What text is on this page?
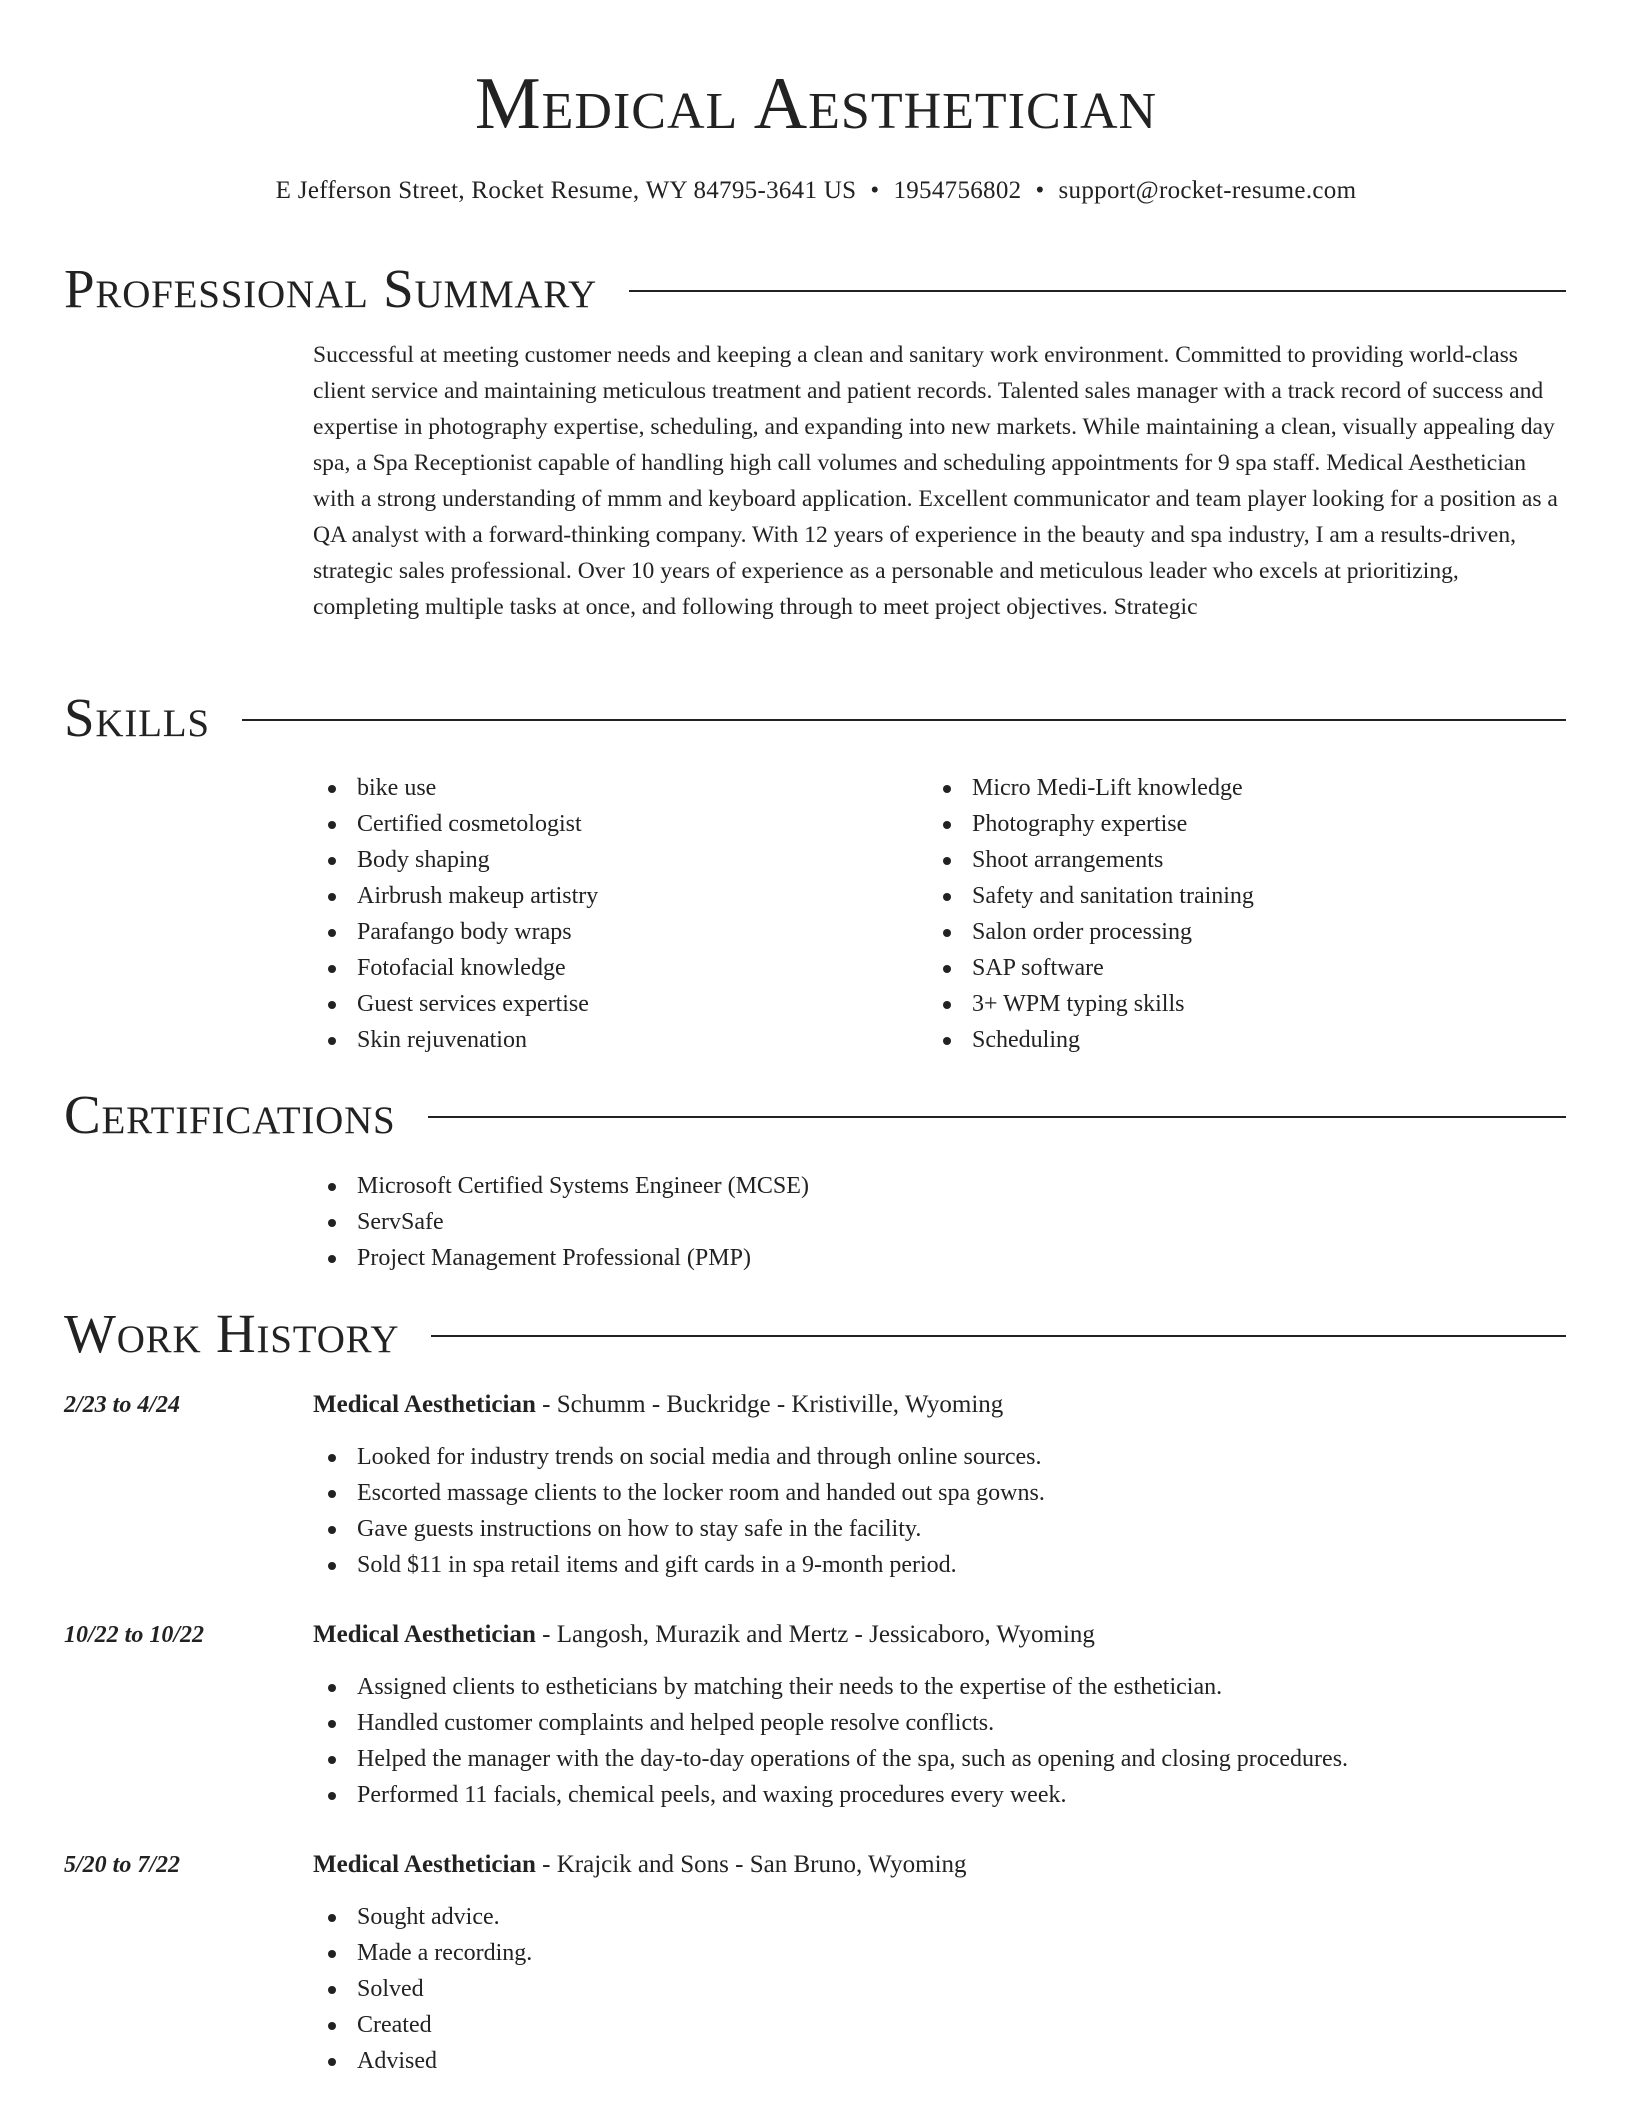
Medical Aesthetician
E Jefferson Street, Rocket Resume, WY 84795-3641 US • 1954756802 • support@rocket-resume.com
Professional Summary
Successful at meeting customer needs and keeping a clean and sanitary work environment. Committed to providing world-class client service and maintaining meticulous treatment and patient records. Talented sales manager with a track record of success and expertise in photography expertise, scheduling, and expanding into new markets. While maintaining a clean, visually appealing day spa, a Spa Receptionist capable of handling high call volumes and scheduling appointments for 9 spa staff. Medical Aesthetician with a strong understanding of mmm and keyboard application. Excellent communicator and team player looking for a position as a QA analyst with a forward-thinking company. With 12 years of experience in the beauty and spa industry, I am a results-driven, strategic sales professional. Over 10 years of experience as a personable and meticulous leader who excels at prioritizing, completing multiple tasks at once, and following through to meet project objectives. Strategic
Skills
bike use
Certified cosmetologist
Body shaping
Airbrush makeup artistry
Parafango body wraps
Fotofacial knowledge
Guest services expertise
Skin rejuvenation
Micro Medi-Lift knowledge
Photography expertise
Shoot arrangements
Safety and sanitation training
Salon order processing
SAP software
3+ WPM typing skills
Scheduling
Certifications
Microsoft Certified Systems Engineer (MCSE)
ServSafe
Project Management Professional (PMP)
Work History
2/23 to 4/24	Medical Aesthetician - Schumm - Buckridge - Kristiville, Wyoming
Looked for industry trends on social media and through online sources.
Escorted massage clients to the locker room and handed out spa gowns.
Gave guests instructions on how to stay safe in the facility.
Sold $11 in spa retail items and gift cards in a 9-month period.
10/22 to 10/22	Medical Aesthetician - Langosh, Murazik and Mertz - Jessicaboro, Wyoming
Assigned clients to estheticians by matching their needs to the expertise of the esthetician.
Handled customer complaints and helped people resolve conflicts.
Helped the manager with the day-to-day operations of the spa, such as opening and closing procedures.
Performed 11 facials, chemical peels, and waxing procedures every week.
5/20 to 7/22	Medical Aesthetician - Krajcik and Sons - San Bruno, Wyoming
Sought advice.
Made a recording.
Solved
Created
Advised
